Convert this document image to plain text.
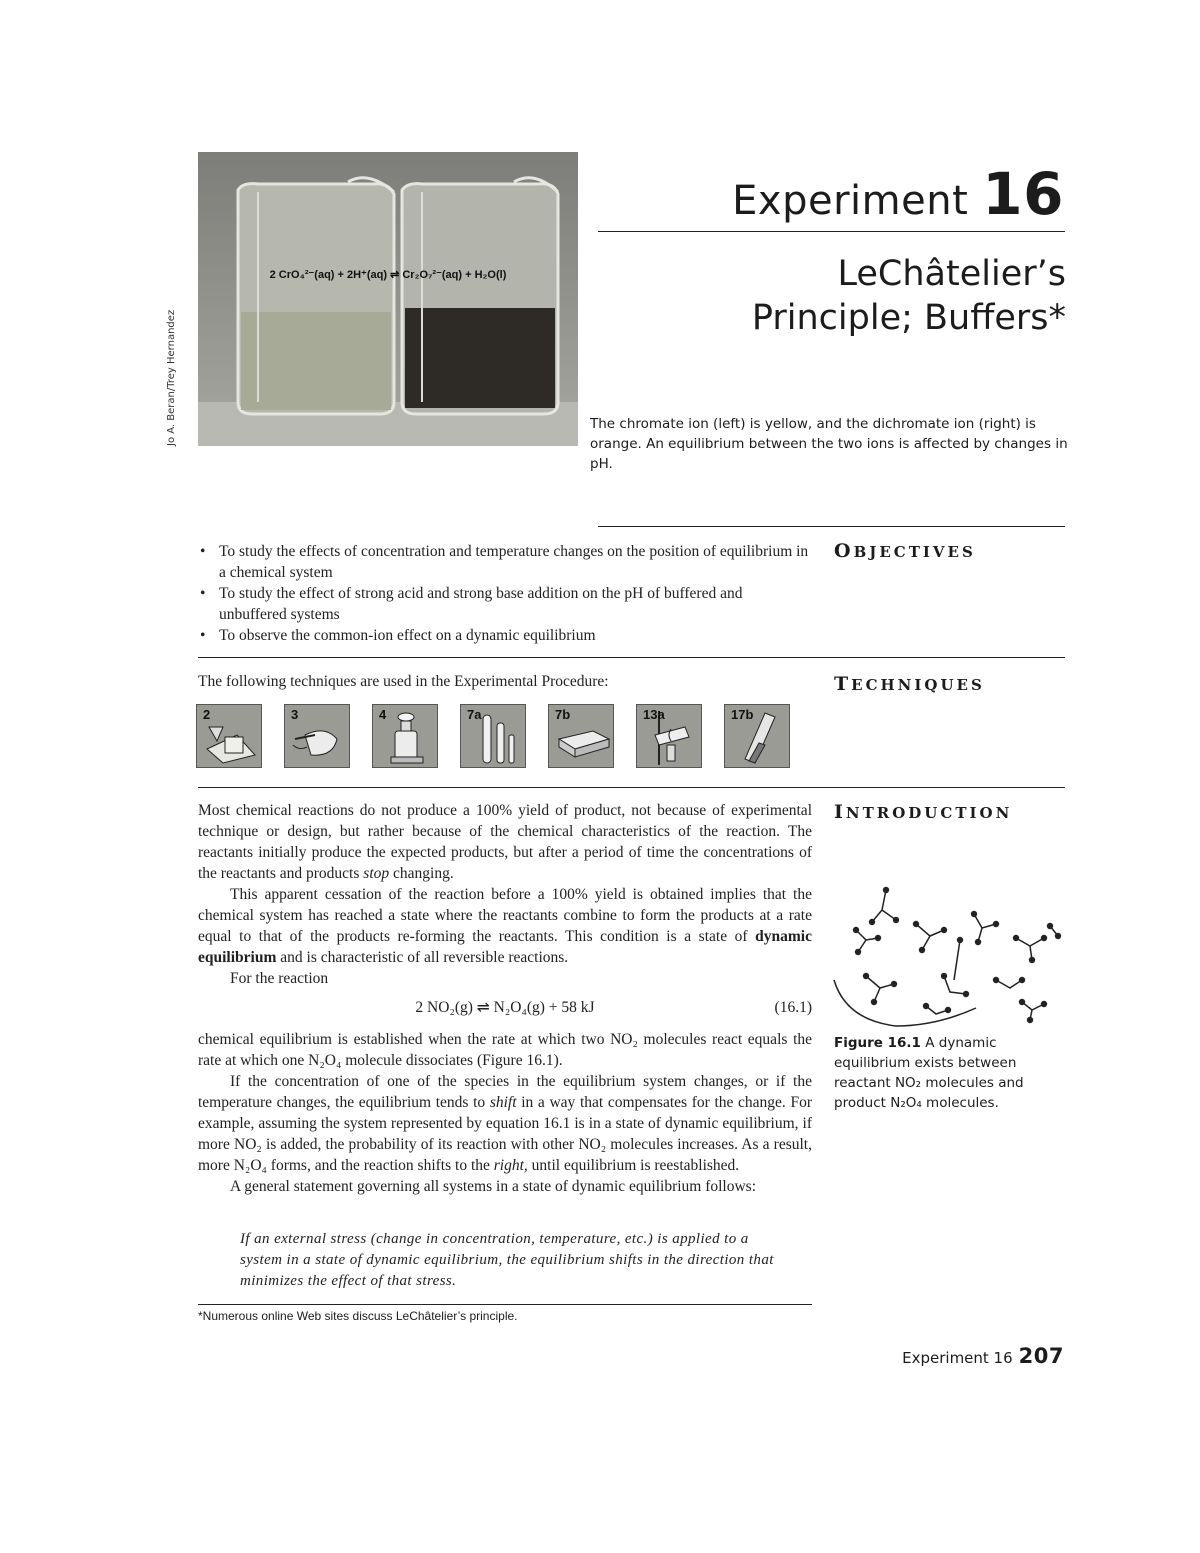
2 CrO₄²⁻(aq) + 2H⁺(aq) ⇌ Cr₂O₇²⁻(aq) + H₂O(l)
Jo A. Beran/Trey Hernandez
Experiment 16
LeChâtelier’s
Principle; Buffers*
The chromate ion (left) is yellow, and the dichromate ion (right) is orange. An equilibrium between the two ions is affected by changes in pH.
OBJECTIVES
• To study the effects of concentration and temperature changes on the position of equilibrium in a chemical system
• To study the effect of strong acid and strong base addition on the pH of buffered and unbuffered systems
• To observe the common-ion effect on a dynamic equilibrium
TECHNIQUES
The following techniques are used in the Experimental Procedure:
2	3	4	7a	7b	13a	17b
INTRODUCTION

Most chemical reactions do not produce a 100% yield of product, not because of experimental technique or design, but rather because of the chemical characteristics of the reaction. The reactants initially produce the expected products, but after a period of time the concentrations of the reactants and products stop changing.

This apparent cessation of the reaction before a 100% yield is obtained implies that the chemical system has reached a state where the reactants combine to form the products at a rate equal to that of the products re-forming the reactants. This condition is a state of dynamic equilibrium and is characteristic of all reversible reactions.

For the reaction

2 NO₂(g) ⇌ N₂O₄(g) + 58 kJ	(16.1)

chemical equilibrium is established when the rate at which two NO₂ molecules react equals the rate at which one N₂O₄ molecule dissociates (Figure 16.1).

If the concentration of one of the species in the equilibrium system changes, or if the temperature changes, the equilibrium tends to shift in a way that compensates for the change. For example, assuming the system represented by equation 16.1 is in a state of dynamic equilibrium, if more NO₂ is added, the probability of its reaction with other NO₂ molecules increases. As a result, more N₂O₄ forms, and the reaction shifts to the right, until equilibrium is reestablished.

A general statement governing all systems in a state of dynamic equilibrium follows:

If an external stress (change in concentration, temperature, etc.) is applied to a system in a state of dynamic equilibrium, the equilibrium shifts in the direction that minimizes the effect of that stress.
*Numerous online Web sites discuss LeChâtelier’s principle.
Figure 16.1 A dynamic equilibrium exists between reactant NO₂ molecules and product N₂O₄ molecules.
Experiment 16 207
